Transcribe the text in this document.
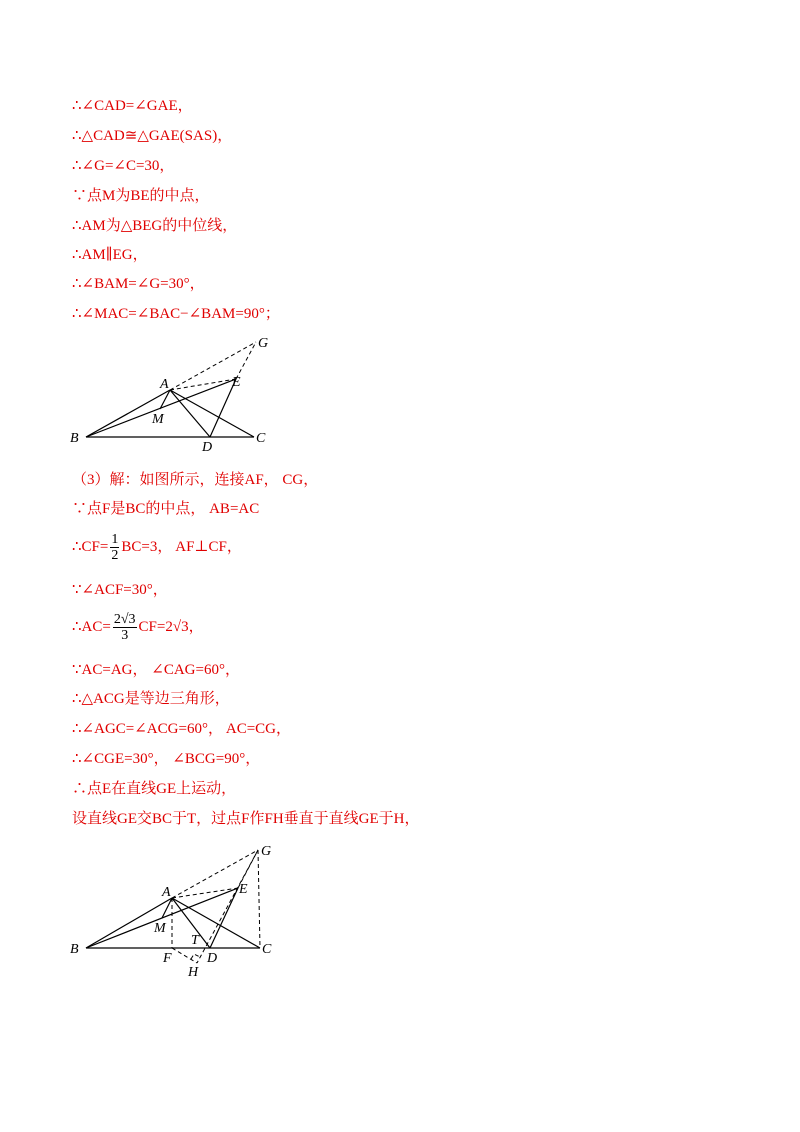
∴∠CAD=∠GAE，
∴△CAD≅△GAE(SAS)，
∴∠G=∠C=30，
∵点M为BE的中点，
∴AM为△BEG的中位线，
∴AM∥EG，
∴∠BAM=∠G=30°，
∴∠MAC=∠BAC−∠BAM=90°；
G
A	E
M
B
D
C
（3）解：如图所示，连接AF， CG，
∵点F是BC的中点， AB=AC
∴CF= $\frac{1}{2} BC=3$， AF⊥CF，
∵∠ACF=30°，
∴AC= $\frac{2√3}{3} CF=2√3$，
∵AC=AG， ∠CAG=60°，
∴△ACG是等边三角形，
∴∠AGC=∠ACG=60°， AC=CG，
∴∠CGE=30°， ∠BCG=90°，
∴点E在直线GE上运动，
设直线GE交BC于T，过点F作FH垂直于直线GE于H，
G
A	E
M
B
T
C
F	D
H
